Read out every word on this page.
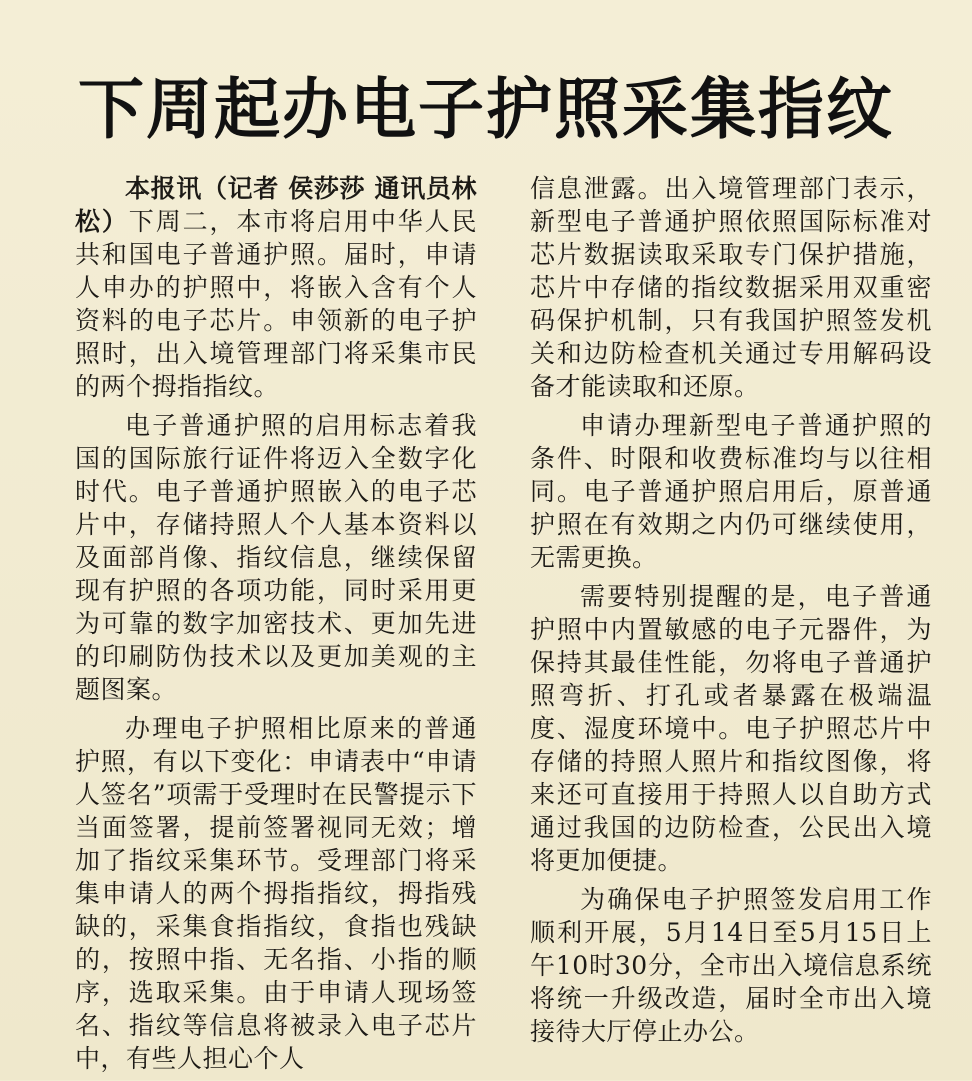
下周起办电子护照采集指纹

本报讯（记者 侯莎莎 通讯员林松）下周二，本市将启用中华人民共和国电子普通护照。届时，申请人申办的护照中，将嵌入含有个人资料的电子芯片。申领新的电子护照时，出入境管理部门将采集市民的两个拇指指纹。

电子普通护照的启用标志着我国的国际旅行证件将迈入全数字化时代。电子普通护照嵌入的电子芯片中，存储持照人个人基本资料以及面部肖像、指纹信息，继续保留现有护照的各项功能，同时采用更为可靠的数字加密技术、更加先进的印刷防伪技术以及更加美观的主题图案。

办理电子护照相比原来的普通护照，有以下变化：申请表中“申请人签名”项需于受理时在民警提示下当面签署，提前签署视同无效；增加了指纹采集环节。受理部门将采集申请人的两个拇指指纹，拇指残缺的，采集食指指纹，食指也残缺的，按照中指、无名指、小指的顺序，选取采集。由于申请人现场签名、指纹等信息将被录入电子芯片中，有些人担心个人

信息泄露。出入境管理部门表示，新型电子普通护照依照国际标准对芯片数据读取采取专门保护措施，芯片中存储的指纹数据采用双重密码保护机制，只有我国护照签发机关和边防检查机关通过专用解码设备才能读取和还原。

申请办理新型电子普通护照的条件、时限和收费标准均与以往相同。电子普通护照启用后，原普通护照在有效期之内仍可继续使用，无需更换。

需要特别提醒的是，电子普通护照中内置敏感的电子元器件，为保持其最佳性能，勿将电子普通护照弯折、打孔或者暴露在极端温度、湿度环境中。电子护照芯片中存储的持照人照片和指纹图像，将来还可直接用于持照人以自助方式通过我国的边防检查，公民出入境将更加便捷。

为确保电子护照签发启用工作顺利开展，5月14日至5月15日上午10时30分，全市出入境信息系统将统一升级改造，届时全市出入境接待大厅停止办公。
